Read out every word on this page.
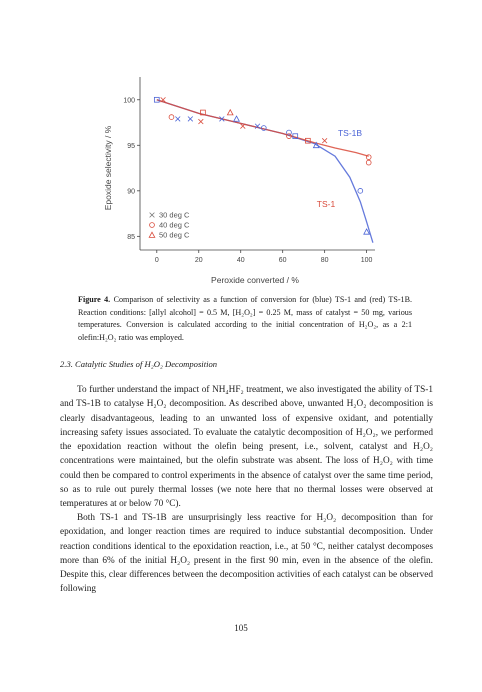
85
90
95
100
0	20	40	60	80	100
TS-1B
TS-1
30 deg C
40 deg C
50 deg C
Peroxide converted / %
Epoxide selectivity / %
Figure 4. Comparison of selectivity as a function of conversion for (blue) TS-1 and (red) TS-1B. Reaction conditions: [allyl alcohol] = 0.5 M, [H₂O₂] = 0.25 M, mass of catalyst = 50 mg, various temperatures. Conversion is calculated according to the initial concentration of H₂O₂, as a 2:1 olefin:H₂O₂ ratio was employed.
2.3. Catalytic Studies of H₂O₂ Decomposition

To further understand the impact of NH₄HF₂ treatment, we also investigated the ability of TS-1 and TS-1B to catalyse H₂O₂ decomposition. As described above, unwanted H₂O₂ decomposition is clearly disadvantageous, leading to an unwanted loss of expensive oxidant, and potentially increasing safety issues associated. To evaluate the catalytic decomposition of H₂O₂, we performed the epoxidation reaction without the olefin being present, i.e., solvent, catalyst and H₂O₂ concentrations were maintained, but the olefin substrate was absent. The loss of H₂O₂ with time could then be compared to control experiments in the absence of catalyst over the same time period, so as to rule out purely thermal losses (we note here that no thermal losses were observed at temperatures at or below 70 °C).

Both TS-1 and TS-1B are unsurprisingly less reactive for H₂O₂ decomposition than for epoxidation, and longer reaction times are required to induce substantial decomposition. Under reaction conditions identical to the epoxidation reaction, i.e., at 50 °C, neither catalyst decomposes more than 6% of the initial H₂O₂ present in the first 90 min, even in the absence of the olefin. Despite this, clear differences between the decomposition activities of each catalyst can be observed following

105
